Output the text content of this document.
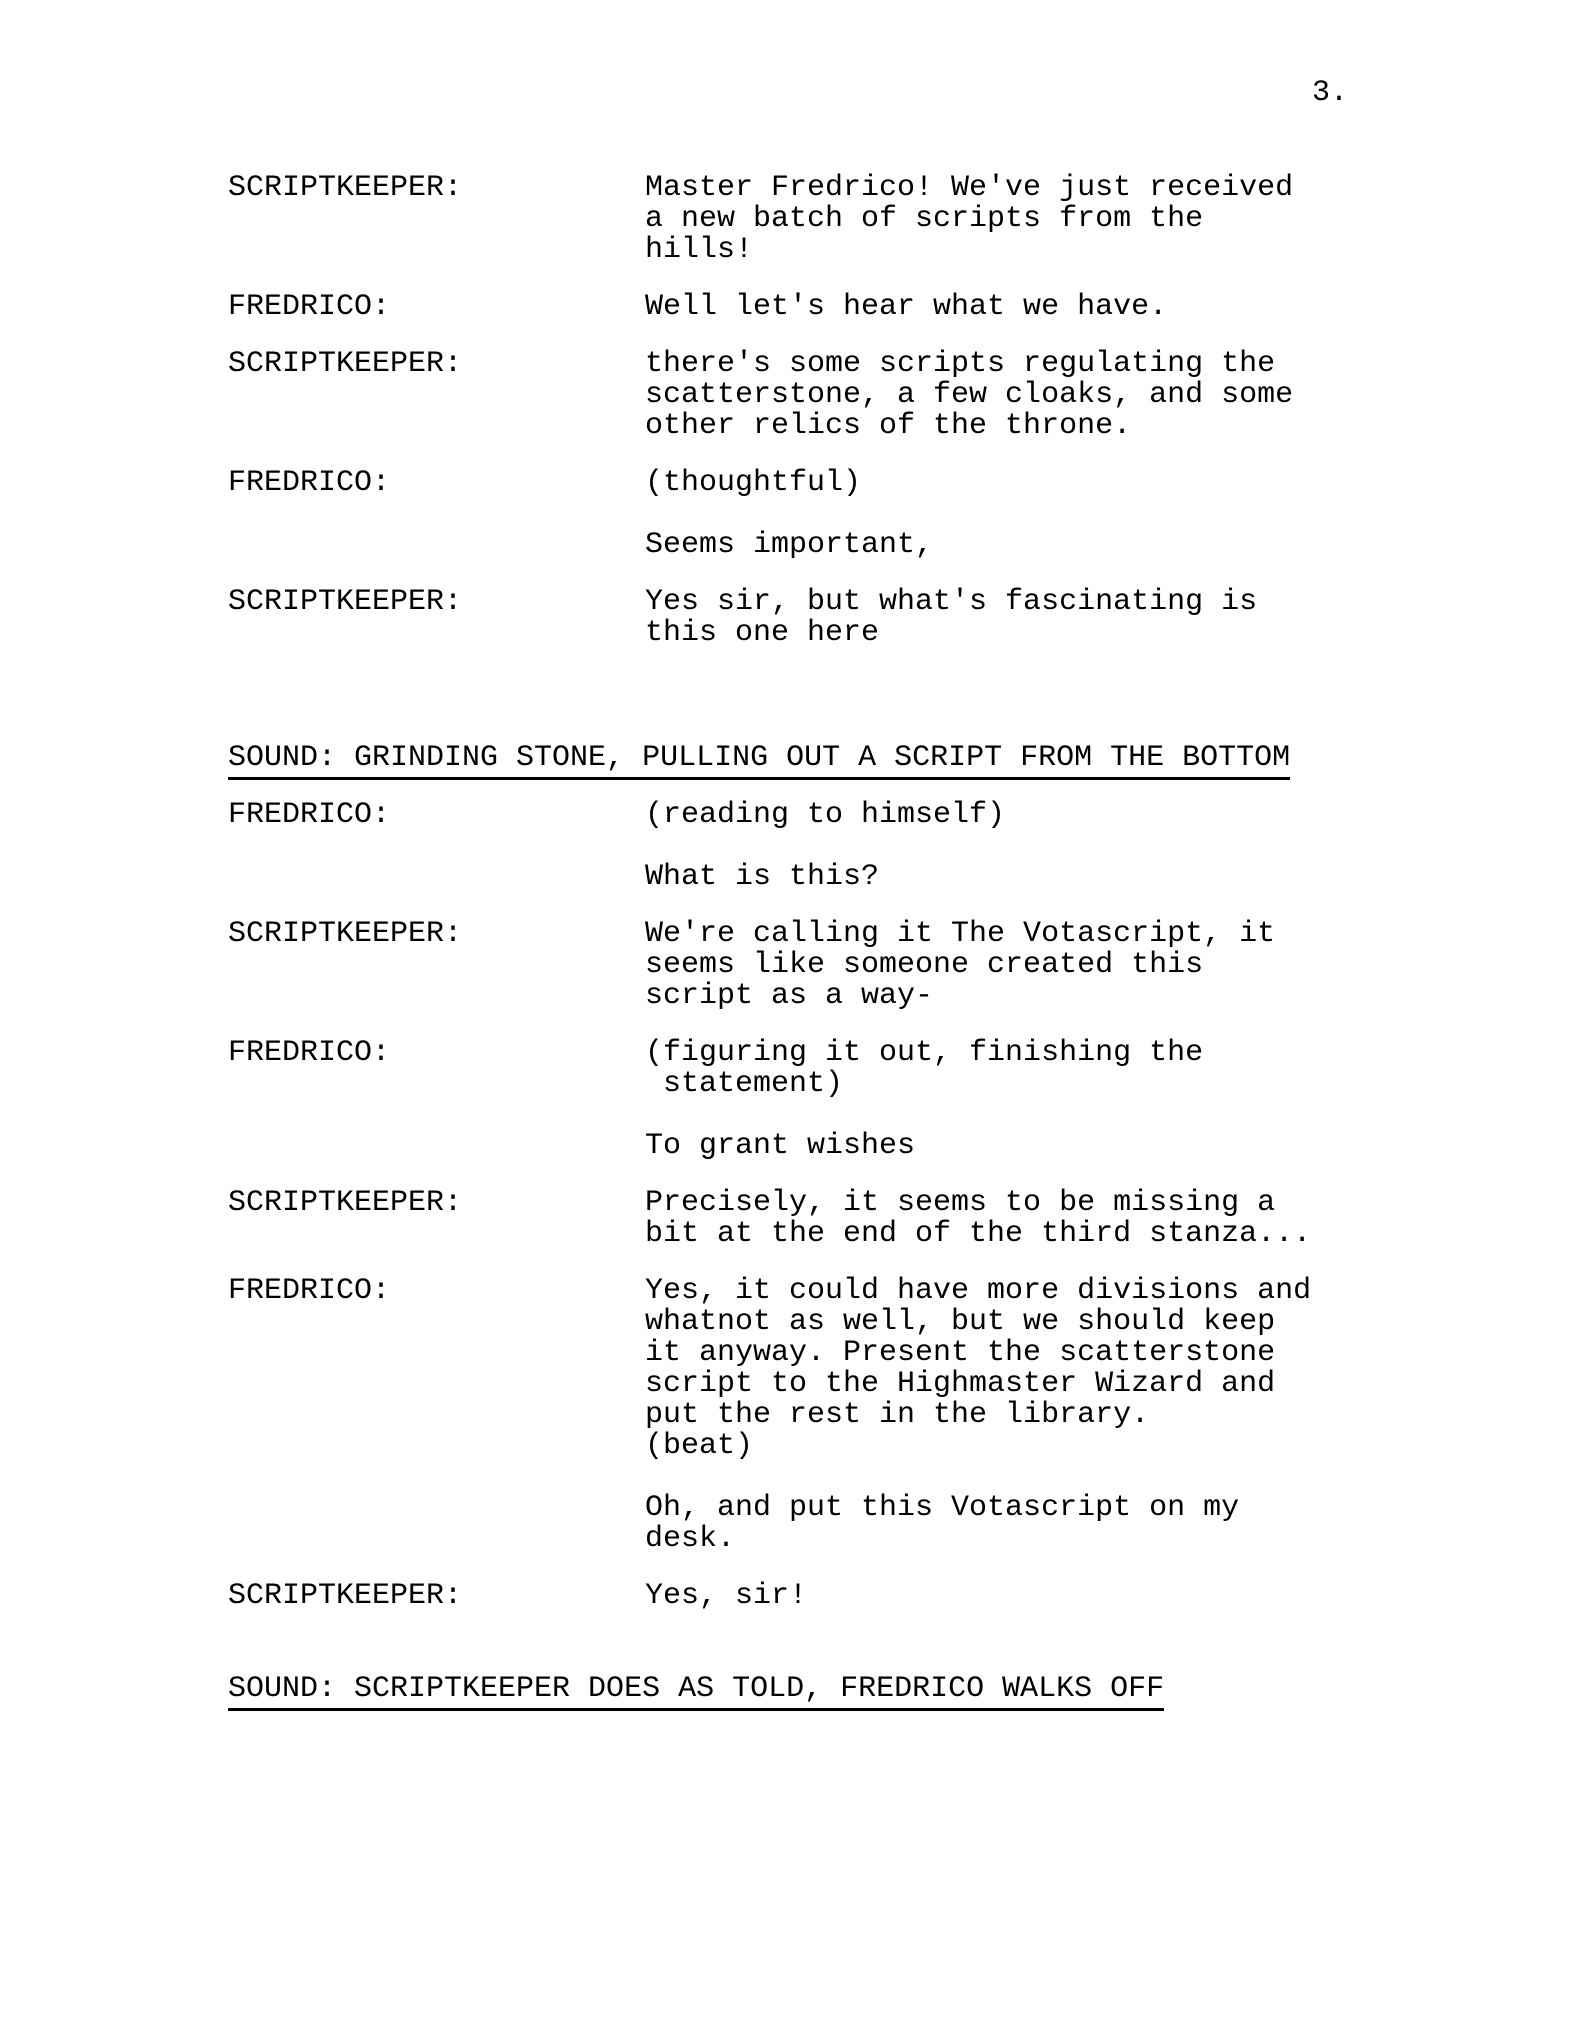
3.
SCRIPTKEEPER:	Master Fredrico! We've just received
a new batch of scripts from the
hills!
FREDRICO:	Well let's hear what we have.
SCRIPTKEEPER:	there's some scripts regulating the
scatterstone, a few cloaks, and some
other relics of the throne.
FREDRICO:	(thoughtful)
Seems important,
SCRIPTKEEPER:	Yes sir, but what's fascinating is
this one here
SOUND: GRINDING STONE, PULLING OUT A SCRIPT FROM THE BOTTOM
FREDRICO:	(reading to himself)
What is this?
SCRIPTKEEPER:	We're calling it The Votascript, it
seems like someone created this
script as a way-
FREDRICO:	(figuring it out, finishing the
statement)
To grant wishes
SCRIPTKEEPER:	Precisely, it seems to be missing a
bit at the end of the third stanza...
FREDRICO:	Yes, it could have more divisions and
whatnot as well, but we should keep
it anyway. Present the scatterstone
script to the Highmaster Wizard and
put the rest in the library.
(beat)
Oh, and put this Votascript on my
desk.
SCRIPTKEEPER:	Yes, sir!
SOUND: SCRIPTKEEPER DOES AS TOLD, FREDRICO WALKS OFF
